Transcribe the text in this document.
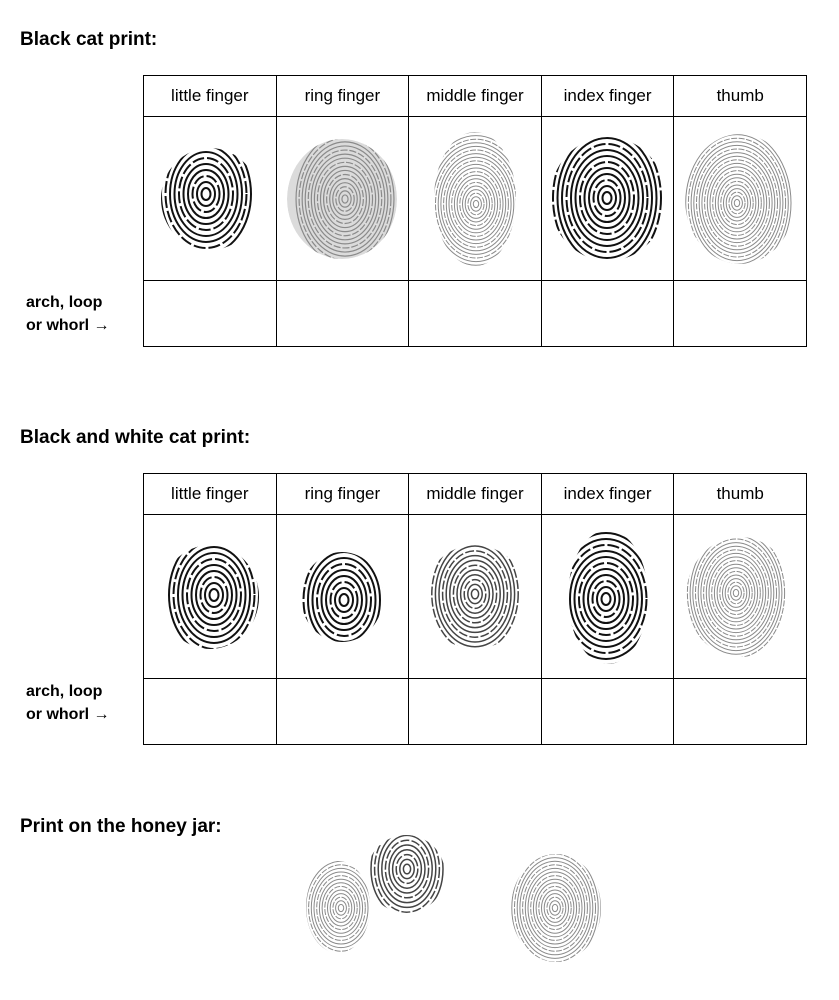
Black cat print:
little finger	ring finger	middle finger	index finger	thumb

arch, loop
or whorl →
Black and white cat print:
little finger	ring finger	middle finger	index finger	thumb

arch, loop
or whorl →
Print on the honey jar:
